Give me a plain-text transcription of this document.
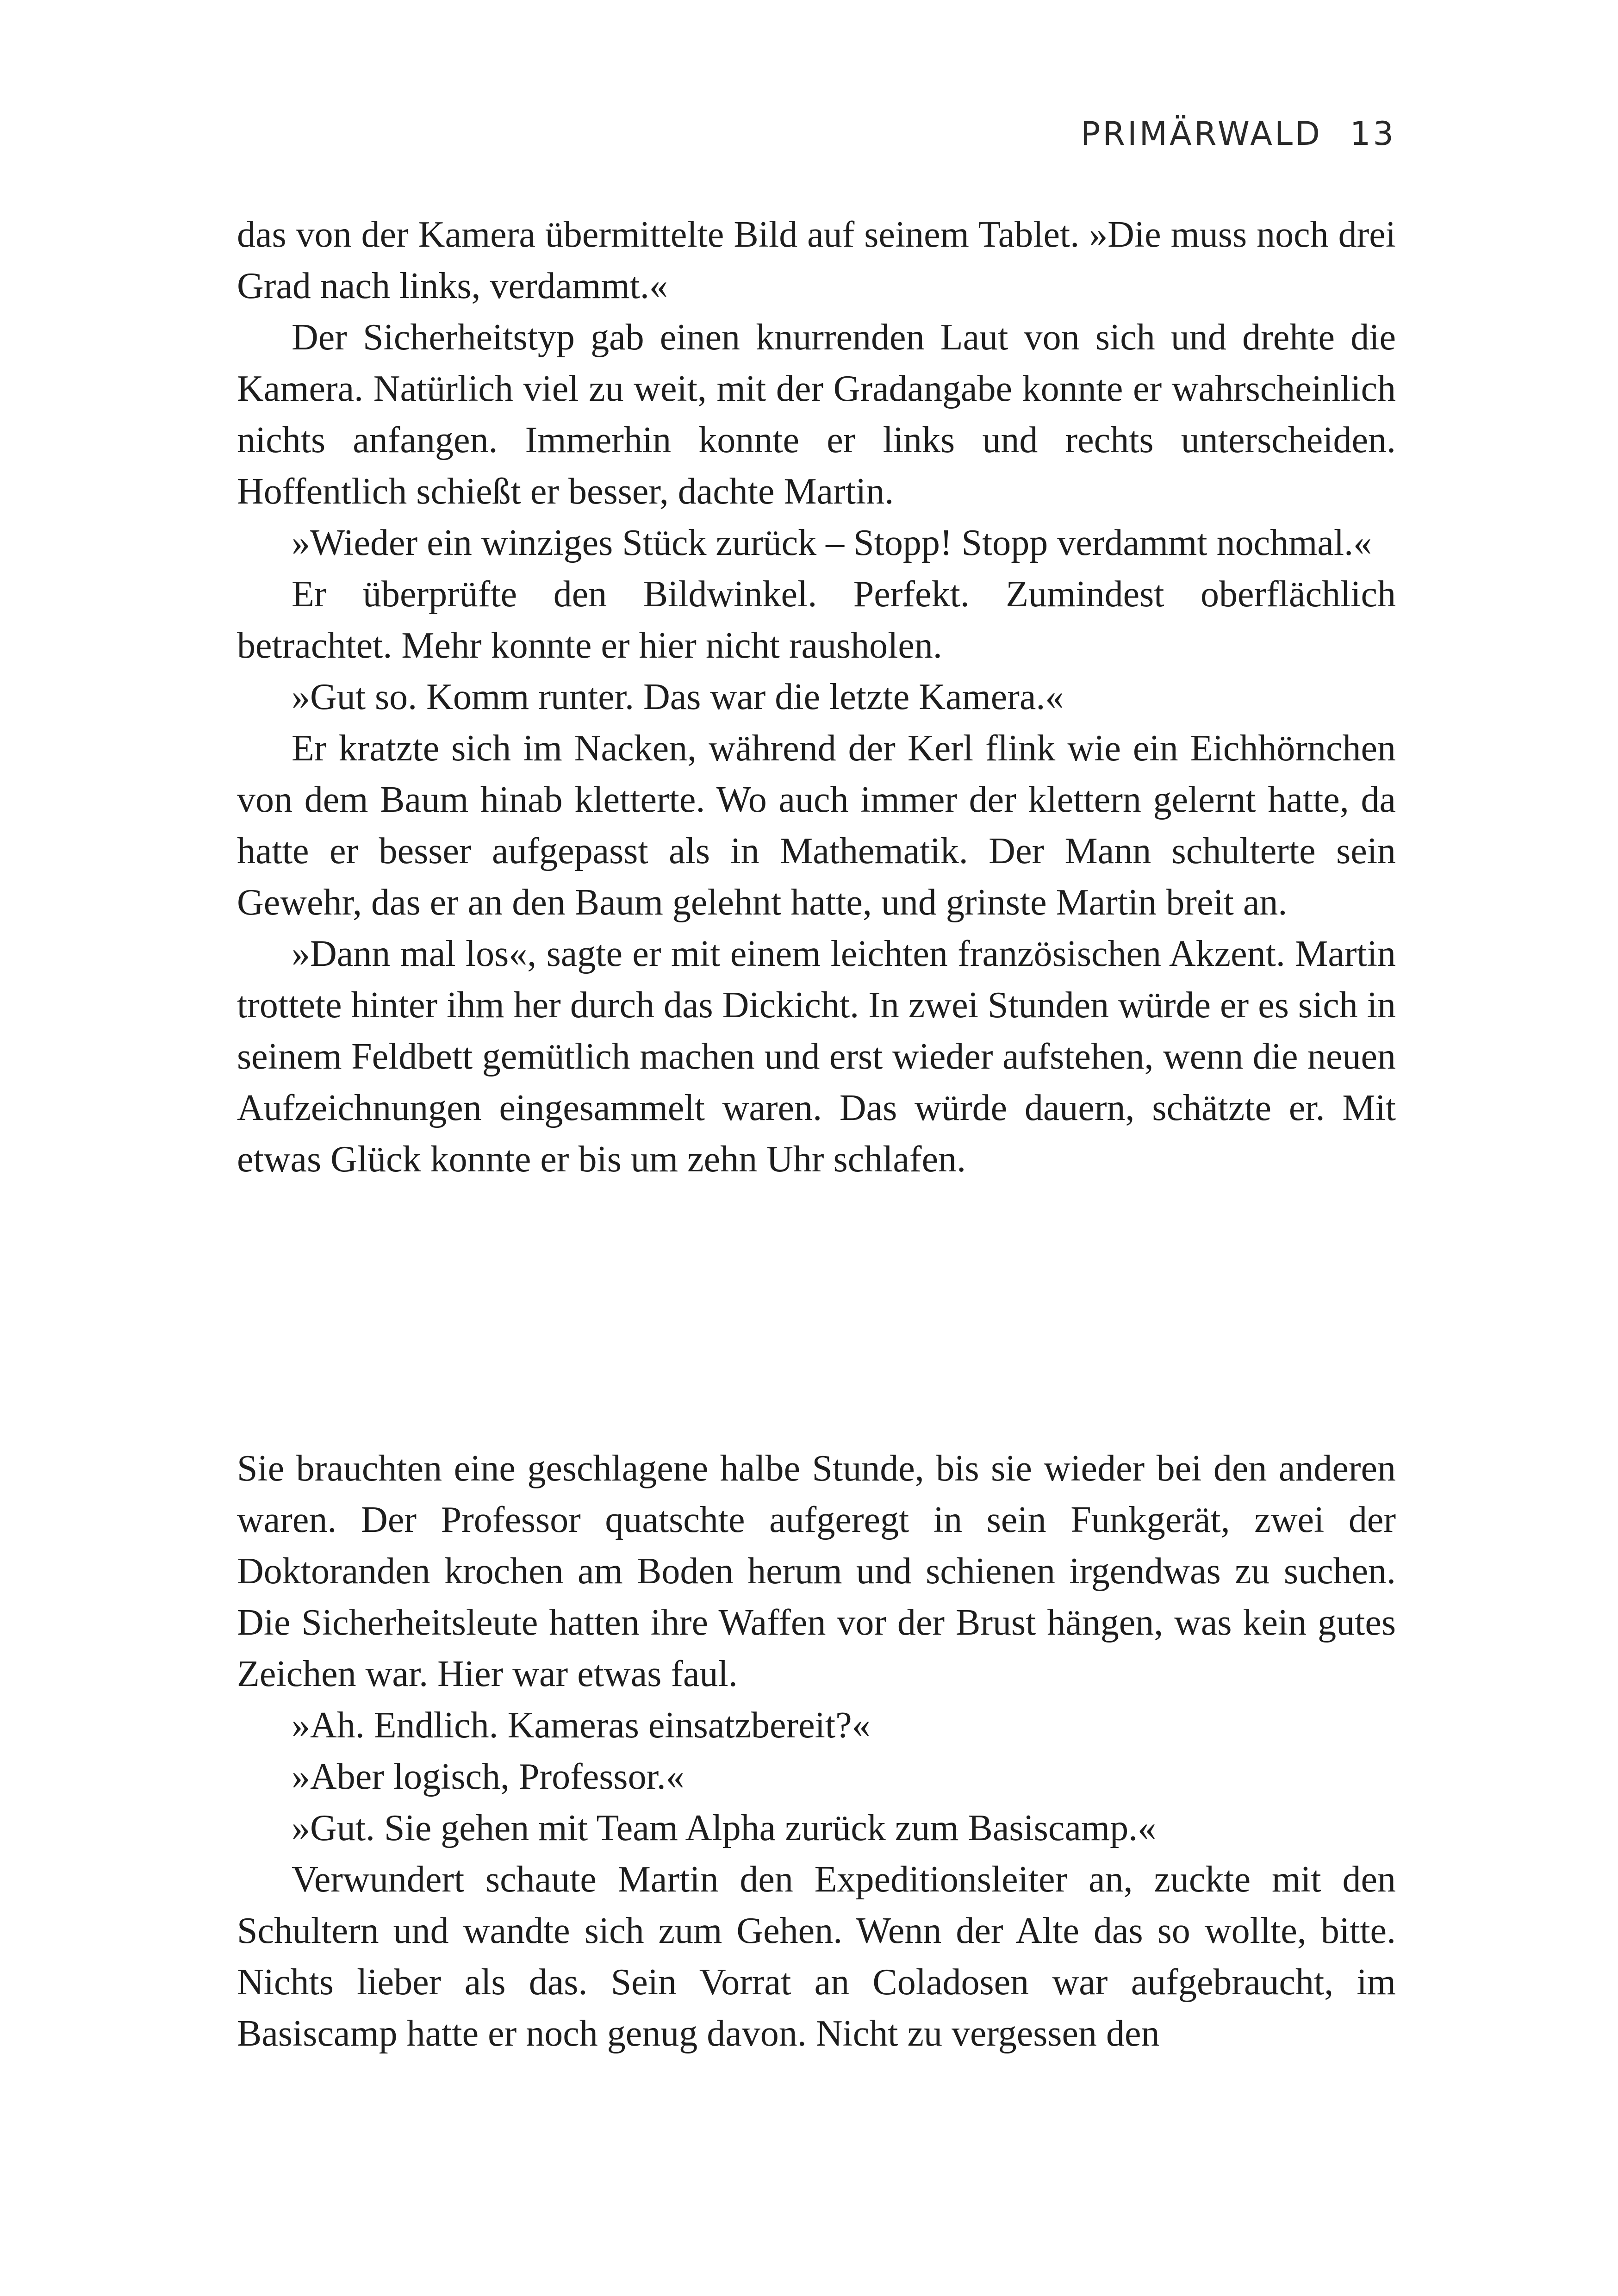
PRIMÄRWALD 13

das von der Kamera übermittelte Bild auf seinem Tablet. »Die muss noch drei Grad nach links, verdammt.«

Der Sicherheitstyp gab einen knurrenden Laut von sich und drehte die Kamera. Natürlich viel zu weit, mit der Gradangabe konnte er wahrscheinlich nichts anfangen. Immerhin konnte er links und rechts unterscheiden. Hoffentlich schießt er besser, dachte Martin.

»Wieder ein winziges Stück zurück – Stopp! Stopp verdammt nochmal.«

Er überprüfte den Bildwinkel. Perfekt. Zumindest oberflächlich betrachtet. Mehr konnte er hier nicht rausholen.

»Gut so. Komm runter. Das war die letzte Kamera.«

Er kratzte sich im Nacken, während der Kerl flink wie ein Eichhörnchen von dem Baum hinab kletterte. Wo auch immer der klettern gelernt hatte, da hatte er besser aufgepasst als in Mathematik. Der Mann schulterte sein Gewehr, das er an den Baum gelehnt hatte, und grinste Martin breit an.

»Dann mal los«, sagte er mit einem leichten französischen Akzent. Martin trottete hinter ihm her durch das Dickicht. In zwei Stunden würde er es sich in seinem Feldbett gemütlich machen und erst wieder aufstehen, wenn die neuen Aufzeichnungen eingesammelt waren. Das würde dauern, schätzte er. Mit etwas Glück konnte er bis um zehn Uhr schlafen.

Sie brauchten eine geschlagene halbe Stunde, bis sie wieder bei den anderen waren. Der Professor quatschte aufgeregt in sein Funkgerät, zwei der Doktoranden krochen am Boden herum und schienen irgendwas zu suchen. Die Sicherheitsleute hatten ihre Waffen vor der Brust hängen, was kein gutes Zeichen war. Hier war etwas faul.

»Ah. Endlich. Kameras einsatzbereit?«

»Aber logisch, Professor.«

»Gut. Sie gehen mit Team Alpha zurück zum Basiscamp.«

Verwundert schaute Martin den Expeditionsleiter an, zuckte mit den Schultern und wandte sich zum Gehen. Wenn der Alte das so wollte, bitte. Nichts lieber als das. Sein Vorrat an Coladosen war aufgebraucht, im Basiscamp hatte er noch genug davon. Nicht zu vergessen den
